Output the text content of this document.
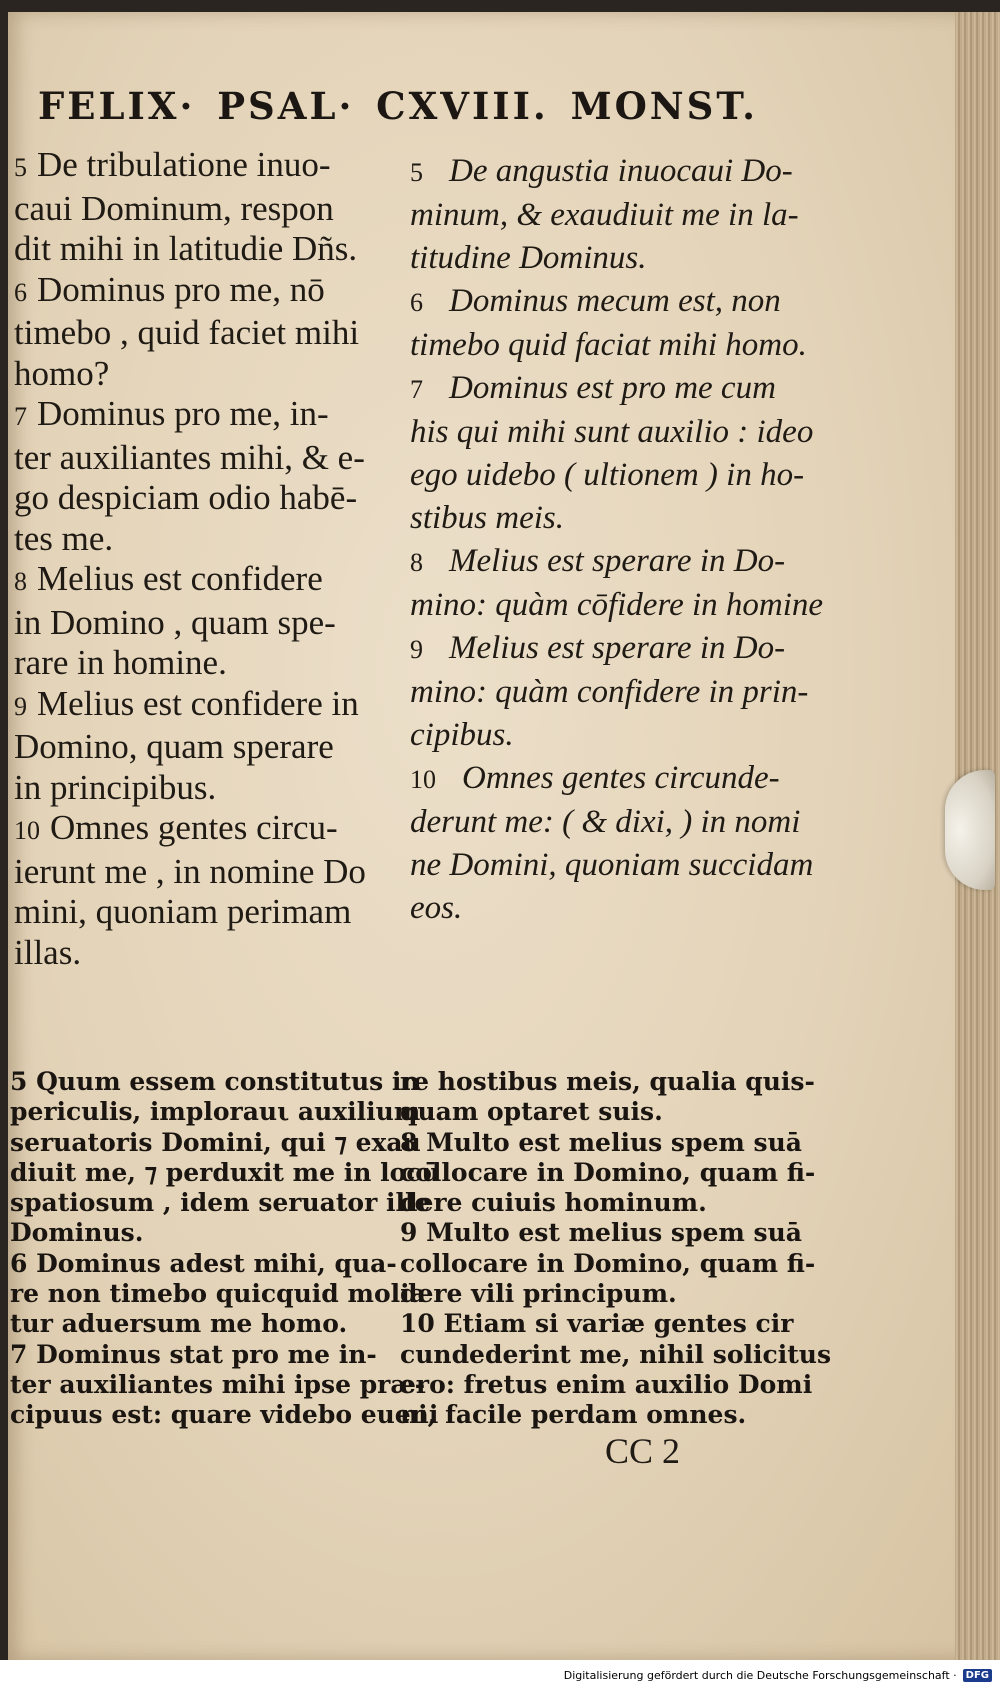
FELIX· PSAL· CXVIII. MONST.
5 De tribulatione inuo-
caui Dominum, respon
dit mihi in latitudie Dñs.
6 Dominus pro me, nō
timebo , quid faciet mihi
homo?
7 Dominus pro me, in-
ter auxiliantes mihi, & e-
go despiciam odio habē-
tes me.
8 Melius est confidere
in Domino , quam spe-
rare in homine.
9 Melius est confidere in
Domino, quam sperare
in principibus.
10 Omnes gentes circu-
ierunt me , in nomine Do
mini, quoniam perimam
illas.
5 De angustia inuocaui Do-
minum, & exaudiuit me in la-
titudine Dominus.
6 Dominus mecum est, non
timebo quid faciat mihi homo.
7 Dominus est pro me cum
his qui mihi sunt auxilio : ideo
ego uidebo ( ultionem ) in ho-
stibus meis.
8 Melius est sperare in Do-
mino: quàm cōfidere in homine
9 Melius est sperare in Do-
mino: quàm confidere in prin-
cipibus.
10 Omnes gentes circunde-
derunt me: ( & dixi, ) in nomi
ne Domini, quoniam succidam
eos.
5 Quum essem constitutus in
periculis, implorauι auxilium
seruatoris Domini, qui ⁊ exau
diuit me, ⁊ perduxit me in locū
spatiosum , idem seruator ille
Dominus.
6 Dominus adest mihi, qua-
re non timebo quicquid molia
tur aduersum me homo.
7 Dominus stat pro me in-
ter auxiliantes mihi ipse præ-
cipuus est: quare videbo eueni
re hostibus meis, qualia quis-
quam optaret suis.
8 Multo est melius spem suā
collocare in Domino, quam fi-
dere cuiuis hominum.
9 Multo est melius spem suā
collocare in Domino, quam fi-
dere vili principum.
10 Etiam si variæ gentes cir
cundederint me, nihil solicitus
ero: fretus enim auxilio Domi
ni, facile perdam omnes.
CC 2
Digitalisierung gefördert durch die Deutsche Forschungsgemeinschaft · DFG
